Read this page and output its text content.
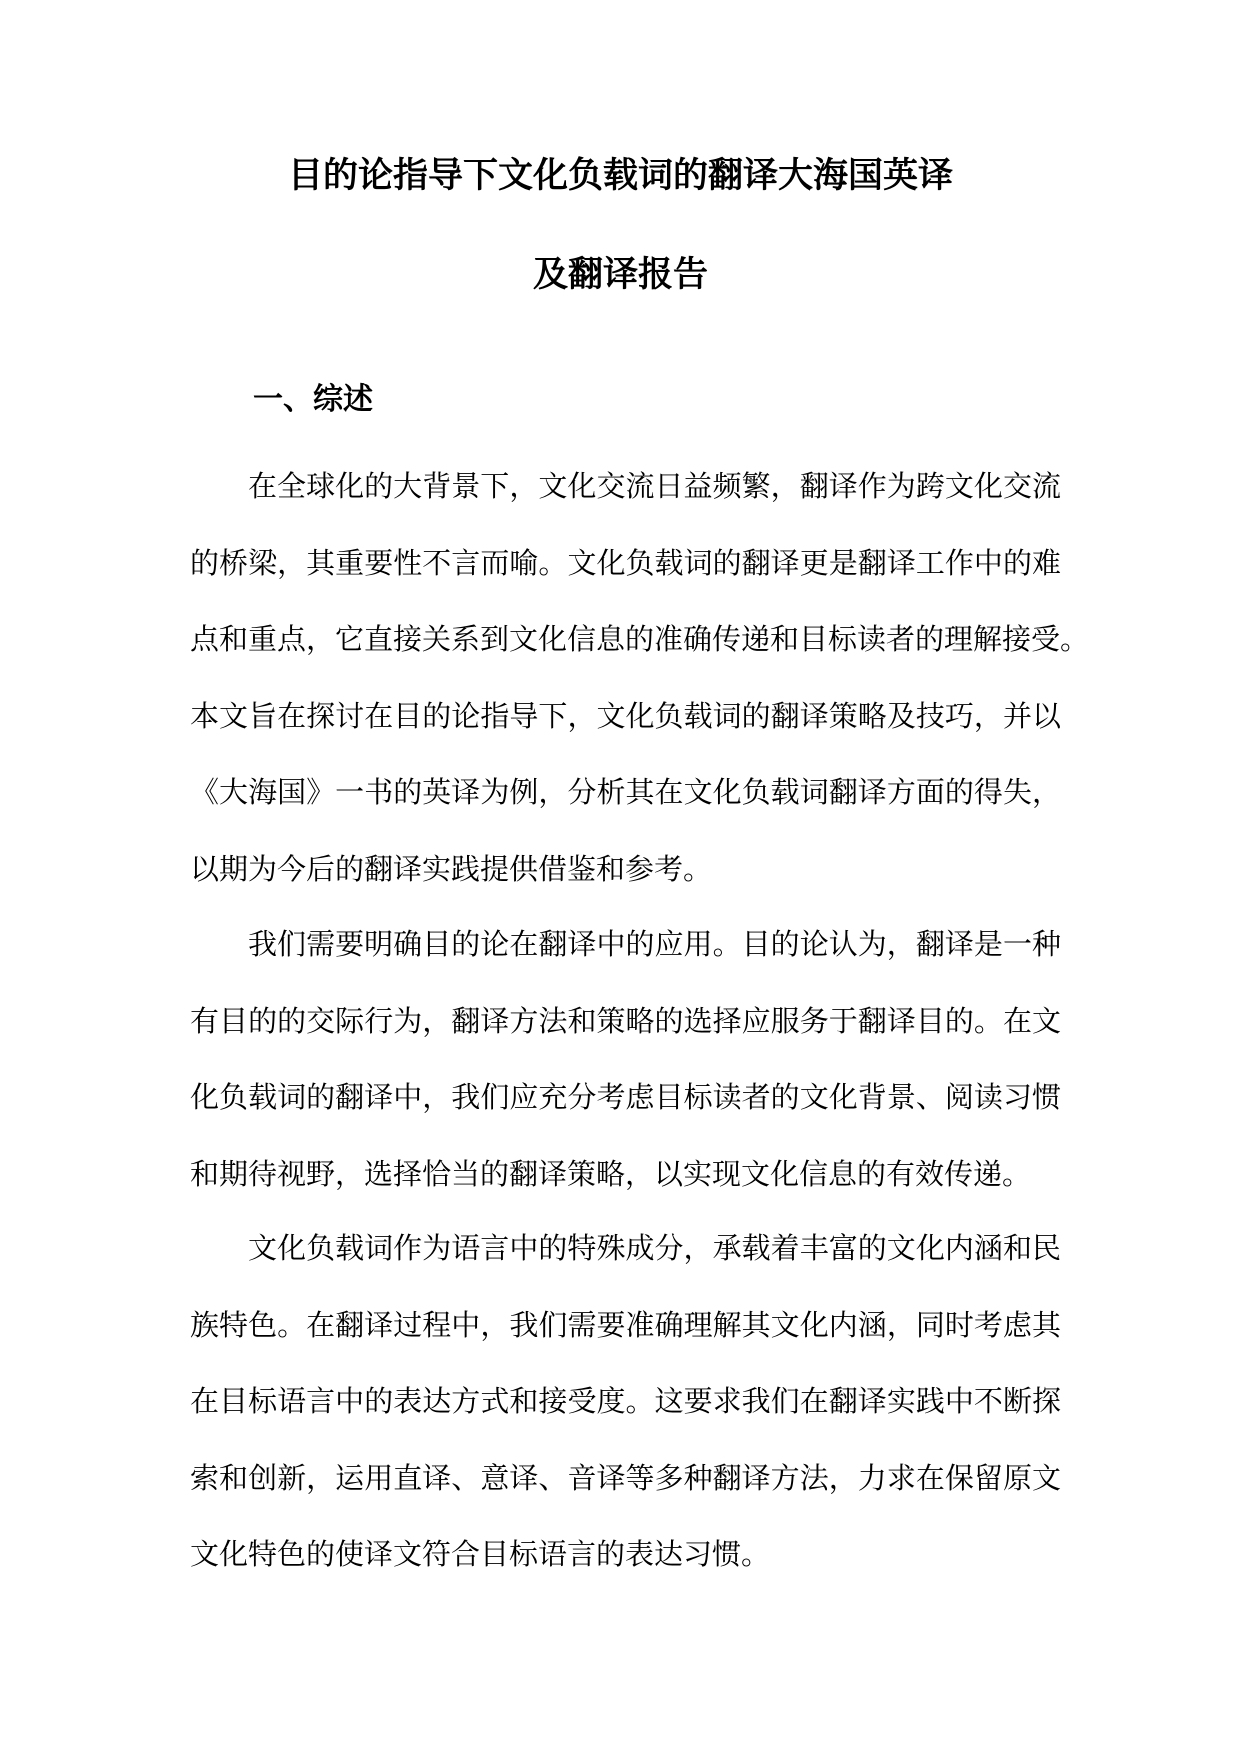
目的论指导下文化负载词的翻译大海国英译
及翻译报告
一、综述
在全球化的大背景下，文化交流日益频繁，翻译作为跨文化交流
的桥梁，其重要性不言而喻。文化负载词的翻译更是翻译工作中的难
点和重点，它直接关系到文化信息的准确传递和目标读者的理解接受。
本文旨在探讨在目的论指导下，文化负载词的翻译策略及技巧，并以
《大海国》一书的英译为例，分析其在文化负载词翻译方面的得失，
以期为今后的翻译实践提供借鉴和参考。
我们需要明确目的论在翻译中的应用。目的论认为，翻译是一种
有目的的交际行为，翻译方法和策略的选择应服务于翻译目的。在文
化负载词的翻译中，我们应充分考虑目标读者的文化背景、阅读习惯
和期待视野，选择恰当的翻译策略，以实现文化信息的有效传递。
文化负载词作为语言中的特殊成分，承载着丰富的文化内涵和民
族特色。在翻译过程中，我们需要准确理解其文化内涵，同时考虑其
在目标语言中的表达方式和接受度。这要求我们在翻译实践中不断探
索和创新，运用直译、意译、音译等多种翻译方法，力求在保留原文
文化特色的使译文符合目标语言的表达习惯。
